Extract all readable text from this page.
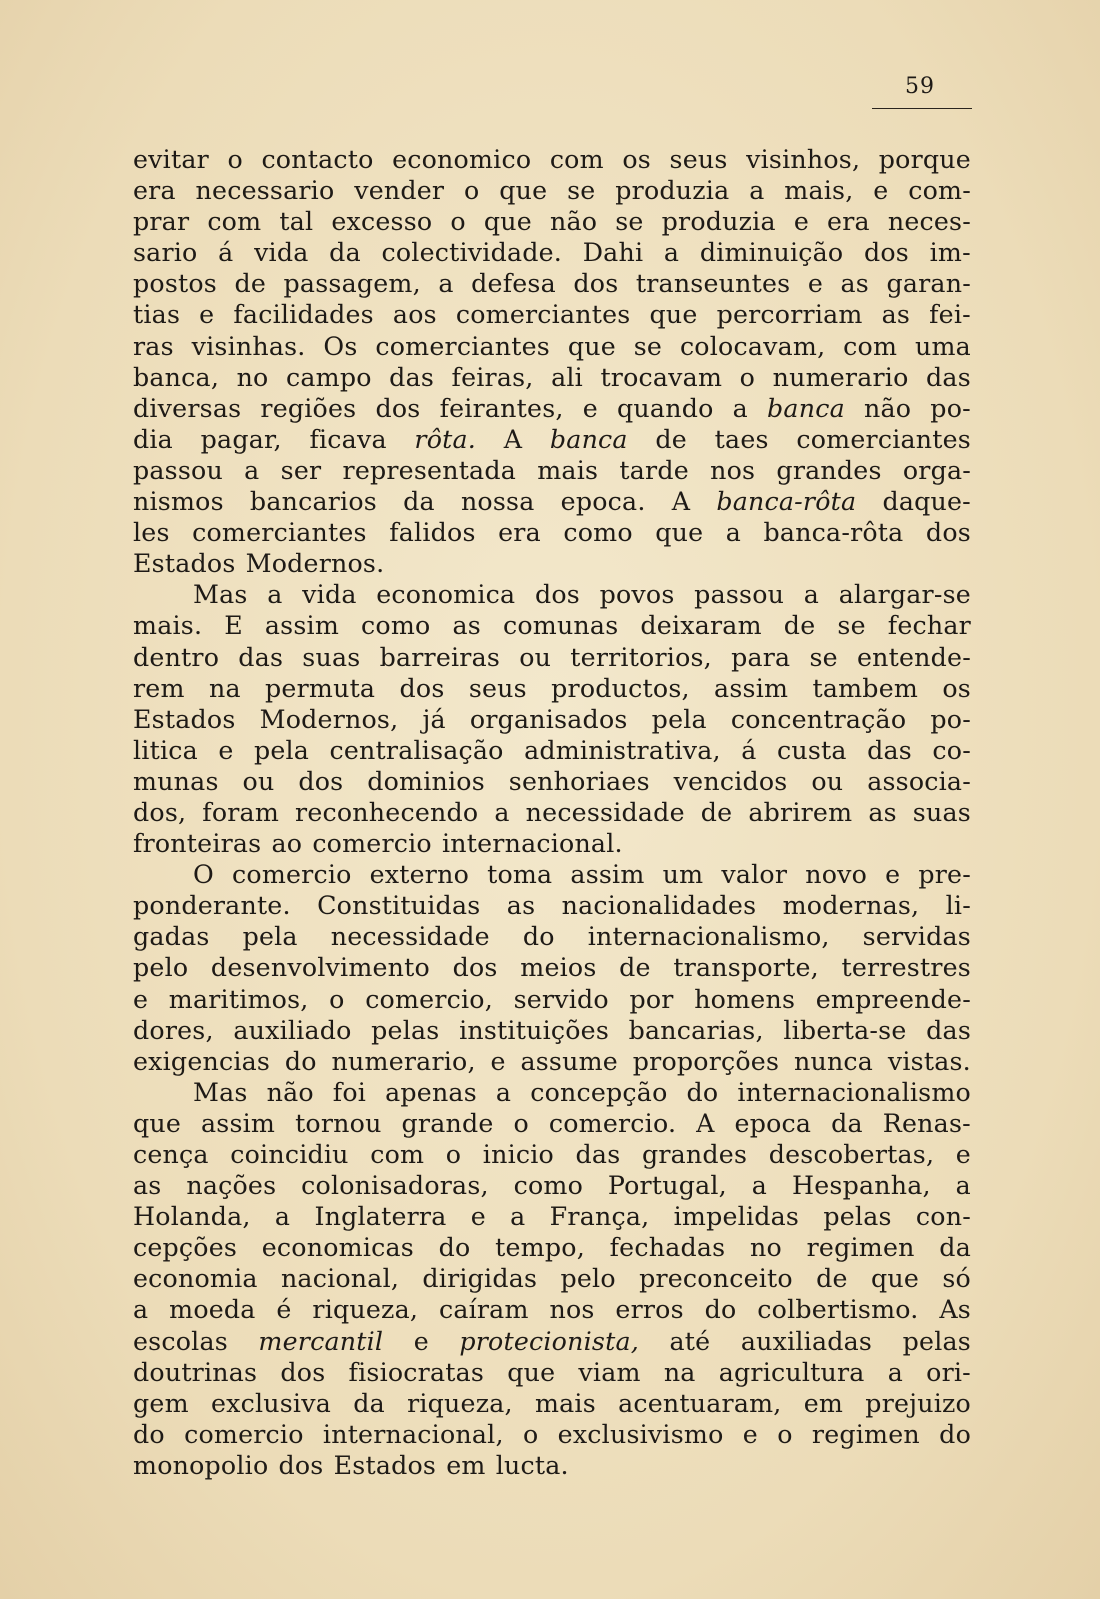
59
evitar o contacto economico com os seus visinhos, porque
era necessario vender o que se produzia a mais, e com-
prar com tal excesso o que não se produzia e era neces-
sario á vida da colectividade. Dahi a diminuição dos im-
postos de passagem, a defesa dos transeuntes e as garan-
tias e facilidades aos comerciantes que percorriam as fei-
ras visinhas. Os comerciantes que se colocavam, com uma
banca, no campo das feiras, ali trocavam o numerario das
diversas regiões dos feirantes, e quando a banca não po-
dia pagar, ficava rôta. A banca de taes comerciantes
passou a ser representada mais tarde nos grandes orga-
nismos bancarios da nossa epoca. A banca-rôta daque-
les comerciantes falidos era como que a banca-rôta dos
Estados Modernos.
Mas a vida economica dos povos passou a alargar-se
mais. E assim como as comunas deixaram de se fechar
dentro das suas barreiras ou territorios, para se entende-
rem na permuta dos seus productos, assim tambem os
Estados Modernos, já organisados pela concentração po-
litica e pela centralisação administrativa, á custa das co-
munas ou dos dominios senhoriaes vencidos ou associa-
dos, foram reconhecendo a necessidade de abrirem as suas
fronteiras ao comercio internacional.
O comercio externo toma assim um valor novo e pre-
ponderante. Constituidas as nacionalidades modernas, li-
gadas pela necessidade do internacionalismo, servidas
pelo desenvolvimento dos meios de transporte, terrestres
e maritimos, o comercio, servido por homens empreende-
dores, auxiliado pelas instituições bancarias, liberta-se das
exigencias do numerario, e assume proporções nunca vistas.
Mas não foi apenas a concepção do internacionalismo
que assim tornou grande o comercio. A epoca da Renas-
cença coincidiu com o inicio das grandes descobertas, e
as nações colonisadoras, como Portugal, a Hespanha, a
Holanda, a Inglaterra e a França, impelidas pelas con-
cepções economicas do tempo, fechadas no regimen da
economia nacional, dirigidas pelo preconceito de que só
a moeda é riqueza, caíram nos erros do colbertismo. As
escolas mercantil e protecionista, até auxiliadas pelas
doutrinas dos fisiocratas que viam na agricultura a ori-
gem exclusiva da riqueza, mais acentuaram, em prejuizo
do comercio internacional, o exclusivismo e o regimen do
monopolio dos Estados em lucta.
